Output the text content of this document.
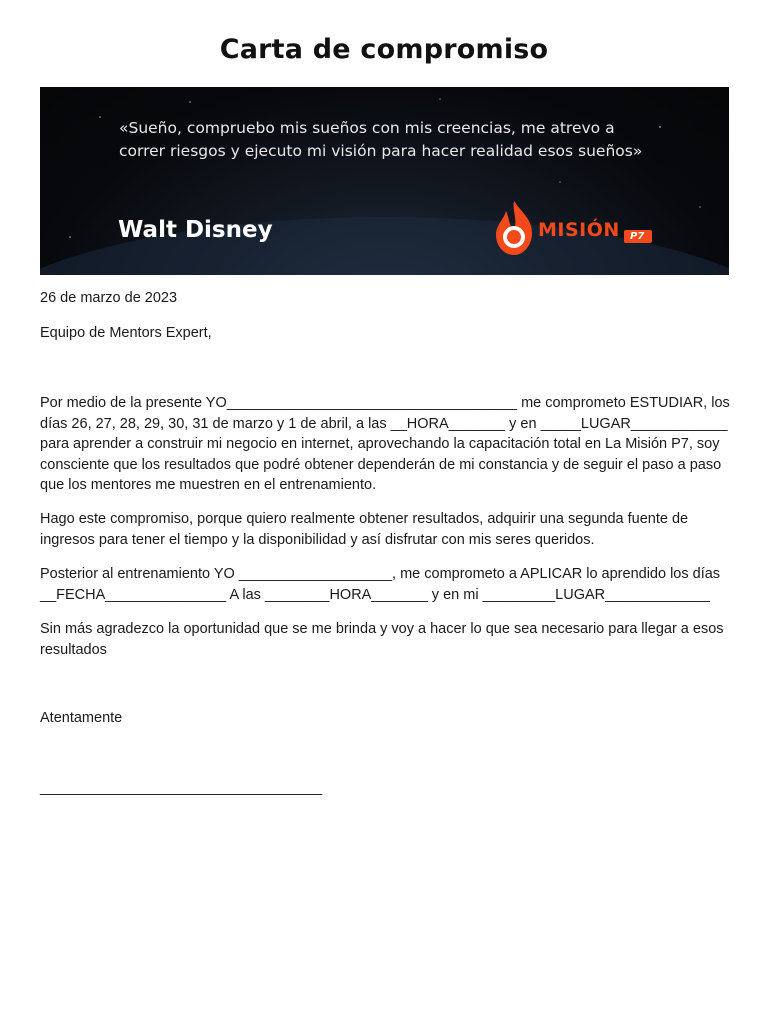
Carta de compromiso
«Sueño, compruebo mis sueños con mis creencias, me atrevo a correr riesgos y ejecuto mi visión para hacer realidad esos sueños»
Walt Disney	MISIÓN	P7
26 de marzo de 2023
Equipo de Mentors Expert,
Por medio de la presente YO____________________________________ me comprometo ESTUDIAR, los días 26, 27, 28, 29, 30, 31 de marzo y 1 de abril, a las __HORA_______ y en _____LUGAR____________ para aprender a construir mi negocio en internet, aprovechando la capacitación total en La Misión P7, soy consciente que los resultados que podré obtener dependerán de mi constancia y de seguir el paso a paso que los mentores me muestren en el entrenamiento.
Hago este compromiso, porque quiero realmente obtener resultados, adquirir una segunda fuente de ingresos para tener el tiempo y la disponibilidad y así disfrutar con mis seres queridos.
Posterior al entrenamiento YO ___________________, me comprometo a APLICAR lo aprendido los días __FECHA_______________ A las ________HORA_______ y en mi _________LUGAR_____________
Sin más agradezco la oportunidad que se me brinda y voy a hacer lo que sea necesario para llegar a esos resultados
Atentamente
___________________________________
